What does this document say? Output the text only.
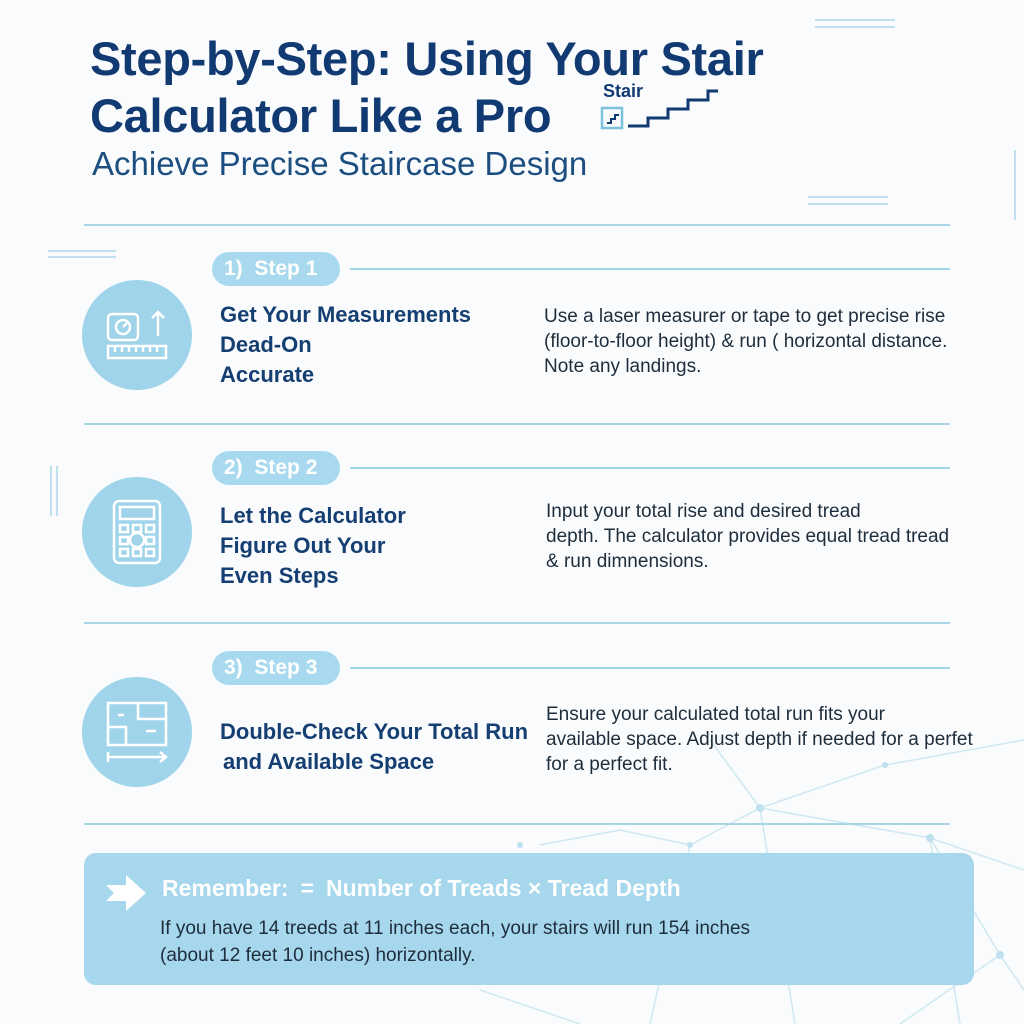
Step-by-Step: Using Your Stair
Calculator Like a Pro	Stair
Achieve Precise Staircase Design
1) Step 1
Get Your Measurements
Dead-On
Accurate
Use a laser measurer or tape to get precise rise
(floor-to-floor height) & run ( horizontal distance.
Note any landings.
2) Step 2
Let the Calculator
Figure Out Your
Even Steps
Input your total rise and desired tread
depth. The calculator provides equal tread tread
& run dimnensions.
3) Step 3
Double-Check Your Total Run
and Available Space
Ensure your calculated total run fits your
available space. Adjust depth if needed for a perfet
for a perfect fit.
Remember: = Number of Treads × Tread Depth
If you have 14 treeds at 11 inches each, your stairs will run 154 inches
(about 12 feet 10 inches) horizontally.
